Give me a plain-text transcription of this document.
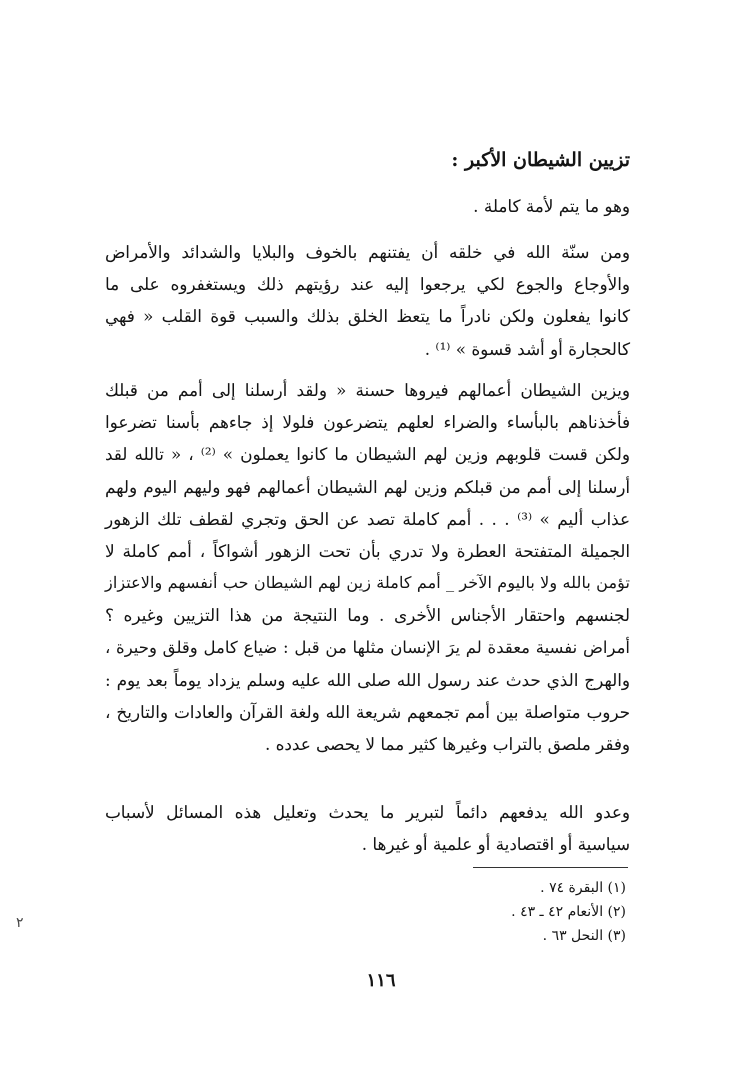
تزيين الشيطان الأكبر :
وهو ما يتم لأمة كاملة .
ومن سنّة الله في خلقه أن يفتنهم بالخوف والبلايا والشدائد والأمراض
والأوجاع والجوع لكي يرجعوا إليه عند رؤيتهم ذلك ويستغفروه على ما
كانوا يفعلون ولكن نادراً ما يتعظ الخلق بذلك والسبب قوة القلب « فهي
كالحجارة أو أشد قسوة » ⁽¹⁾ .
ويزين الشيطان أعمالهم فيروها حسنة « ولقد أرسلنا إلى أمم من قبلك
فأخذناهم بالبأساء والضراء لعلهم يتضرعون فلولا إذ جاءهم بأسنا تضرعوا
ولكن قست قلوبهم وزين لهم الشيطان ما كانوا يعملون » ⁽²⁾ ، « تالله لقد
أرسلنا إلى أمم من قبلكم وزين لهم الشيطان أعمالهم فهو وليهم اليوم ولهم
عذاب أليم » ⁽³⁾ . . . أمم كاملة تصد عن الحق وتجري لقطف تلك الزهور
الجميلة المتفتحة العطرة ولا تدري بأن تحت الزهور أشواكاً ، أمم كاملة لا
تؤمن بالله ولا باليوم الآخر _ أمم كاملة زين لهم الشيطان حب أنفسهم والاعتزاز
لجنسهم واحتقار الأجناس الأخرى . وما النتيجة من هذا التزيين وغيره ؟
أمراض نفسية معقدة لم يرَ الإنسان مثلها من قبل : ضياع كامل وقلق وحيرة ،
والهرج الذي حدث عند رسول الله صلى الله عليه وسلم يزداد يوماً بعد يوم :
حروب متواصلة بين أمم تجمعهم شريعة الله ولغة القرآن والعادات والتاريخ ،
وفقر ملصق بالتراب وغيرها كثير مما لا يحصى عدده .
وعدو الله يدفعهم دائماً لتبرير ما يحدث وتعليل هذه المسائل لأسباب
سياسية أو اقتصادية أو علمية أو غيرها .
(١) البقرة ٧٤ .
(٢) الأنعام ٤٢ ـ ٤٣ .
(٣) النحل ٦٣ .
١١٦
٢
